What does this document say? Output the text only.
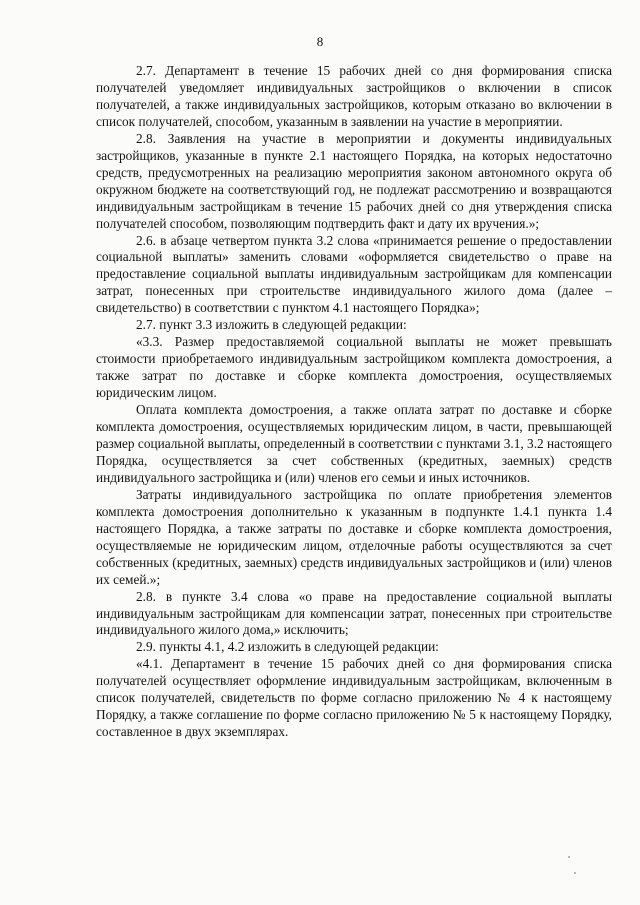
8

2.7. Департамент в течение 15 рабочих дней со дня формирования списка получателей уведомляет индивидуальных застройщиков о включении в список получателей, а также индивидуальных застройщиков, которым отказано во включении в список получателей, способом, указанным в заявлении на участие в мероприятии.

2.8. Заявления на участие в мероприятии и документы индивидуальных застройщиков, указанные в пункте 2.1 настоящего Порядка, на которых недостаточно средств, предусмотренных на реализацию мероприятия законом автономного округа об окружном бюджете на соответствующий год, не подлежат рассмотрению и возвращаются индивидуальным застройщикам в течение 15 рабочих дней со дня утверждения списка получателей способом, позволяющим подтвердить факт и дату их вручения.»;

2.6. в абзаце четвертом пункта 3.2 слова «принимается решение о предоставлении социальной выплаты» заменить словами «оформляется свидетельство о праве на предоставление социальной выплаты индивидуальным застройщикам для компенсации затрат, понесенных при строительстве индивидуального жилого дома (далее – свидетельство) в соответствии с пунктом 4.1 настоящего Порядка»;

2.7. пункт 3.3 изложить в следующей редакции:

«3.3. Размер предоставляемой социальной выплаты не может превышать стоимости приобретаемого индивидуальным застройщиком комплекта домостроения, а также затрат по доставке и сборке комплекта домостроения, осуществляемых юридическим лицом.

Оплата комплекта домостроения, а также оплата затрат по доставке и сборке комплекта домостроения, осуществляемых юридическим лицом, в части, превышающей размер социальной выплаты, определенный в соответствии с пунктами 3.1, 3.2 настоящего Порядка, осуществляется за счет собственных (кредитных, заемных) средств индивидуального застройщика и (или) членов его семьи и иных источников.

Затраты индивидуального застройщика по оплате приобретения элементов комплекта домостроения дополнительно к указанным в подпункте 1.4.1 пункта 1.4 настоящего Порядка, а также затраты по доставке и сборке комплекта домостроения, осуществляемые не юридическим лицом, отделочные работы осуществляются за счет собственных (кредитных, заемных) средств индивидуальных застройщиков и (или) членов их семей.»;

2.8. в пункте 3.4 слова «о праве на предоставление социальной выплаты индивидуальным застройщикам для компенсации затрат, понесенных при строительстве индивидуального жилого дома,» исключить;

2.9. пункты 4.1, 4.2 изложить в следующей редакции:

«4.1. Департамент в течение 15 рабочих дней со дня формирования списка получателей осуществляет оформление индивидуальным застройщикам, включенным в список получателей, свидетельств по форме согласно приложению № 4 к настоящему Порядку, а также соглашение по форме согласно приложению № 5 к настоящему Порядку, составленное в двух экземплярах.
